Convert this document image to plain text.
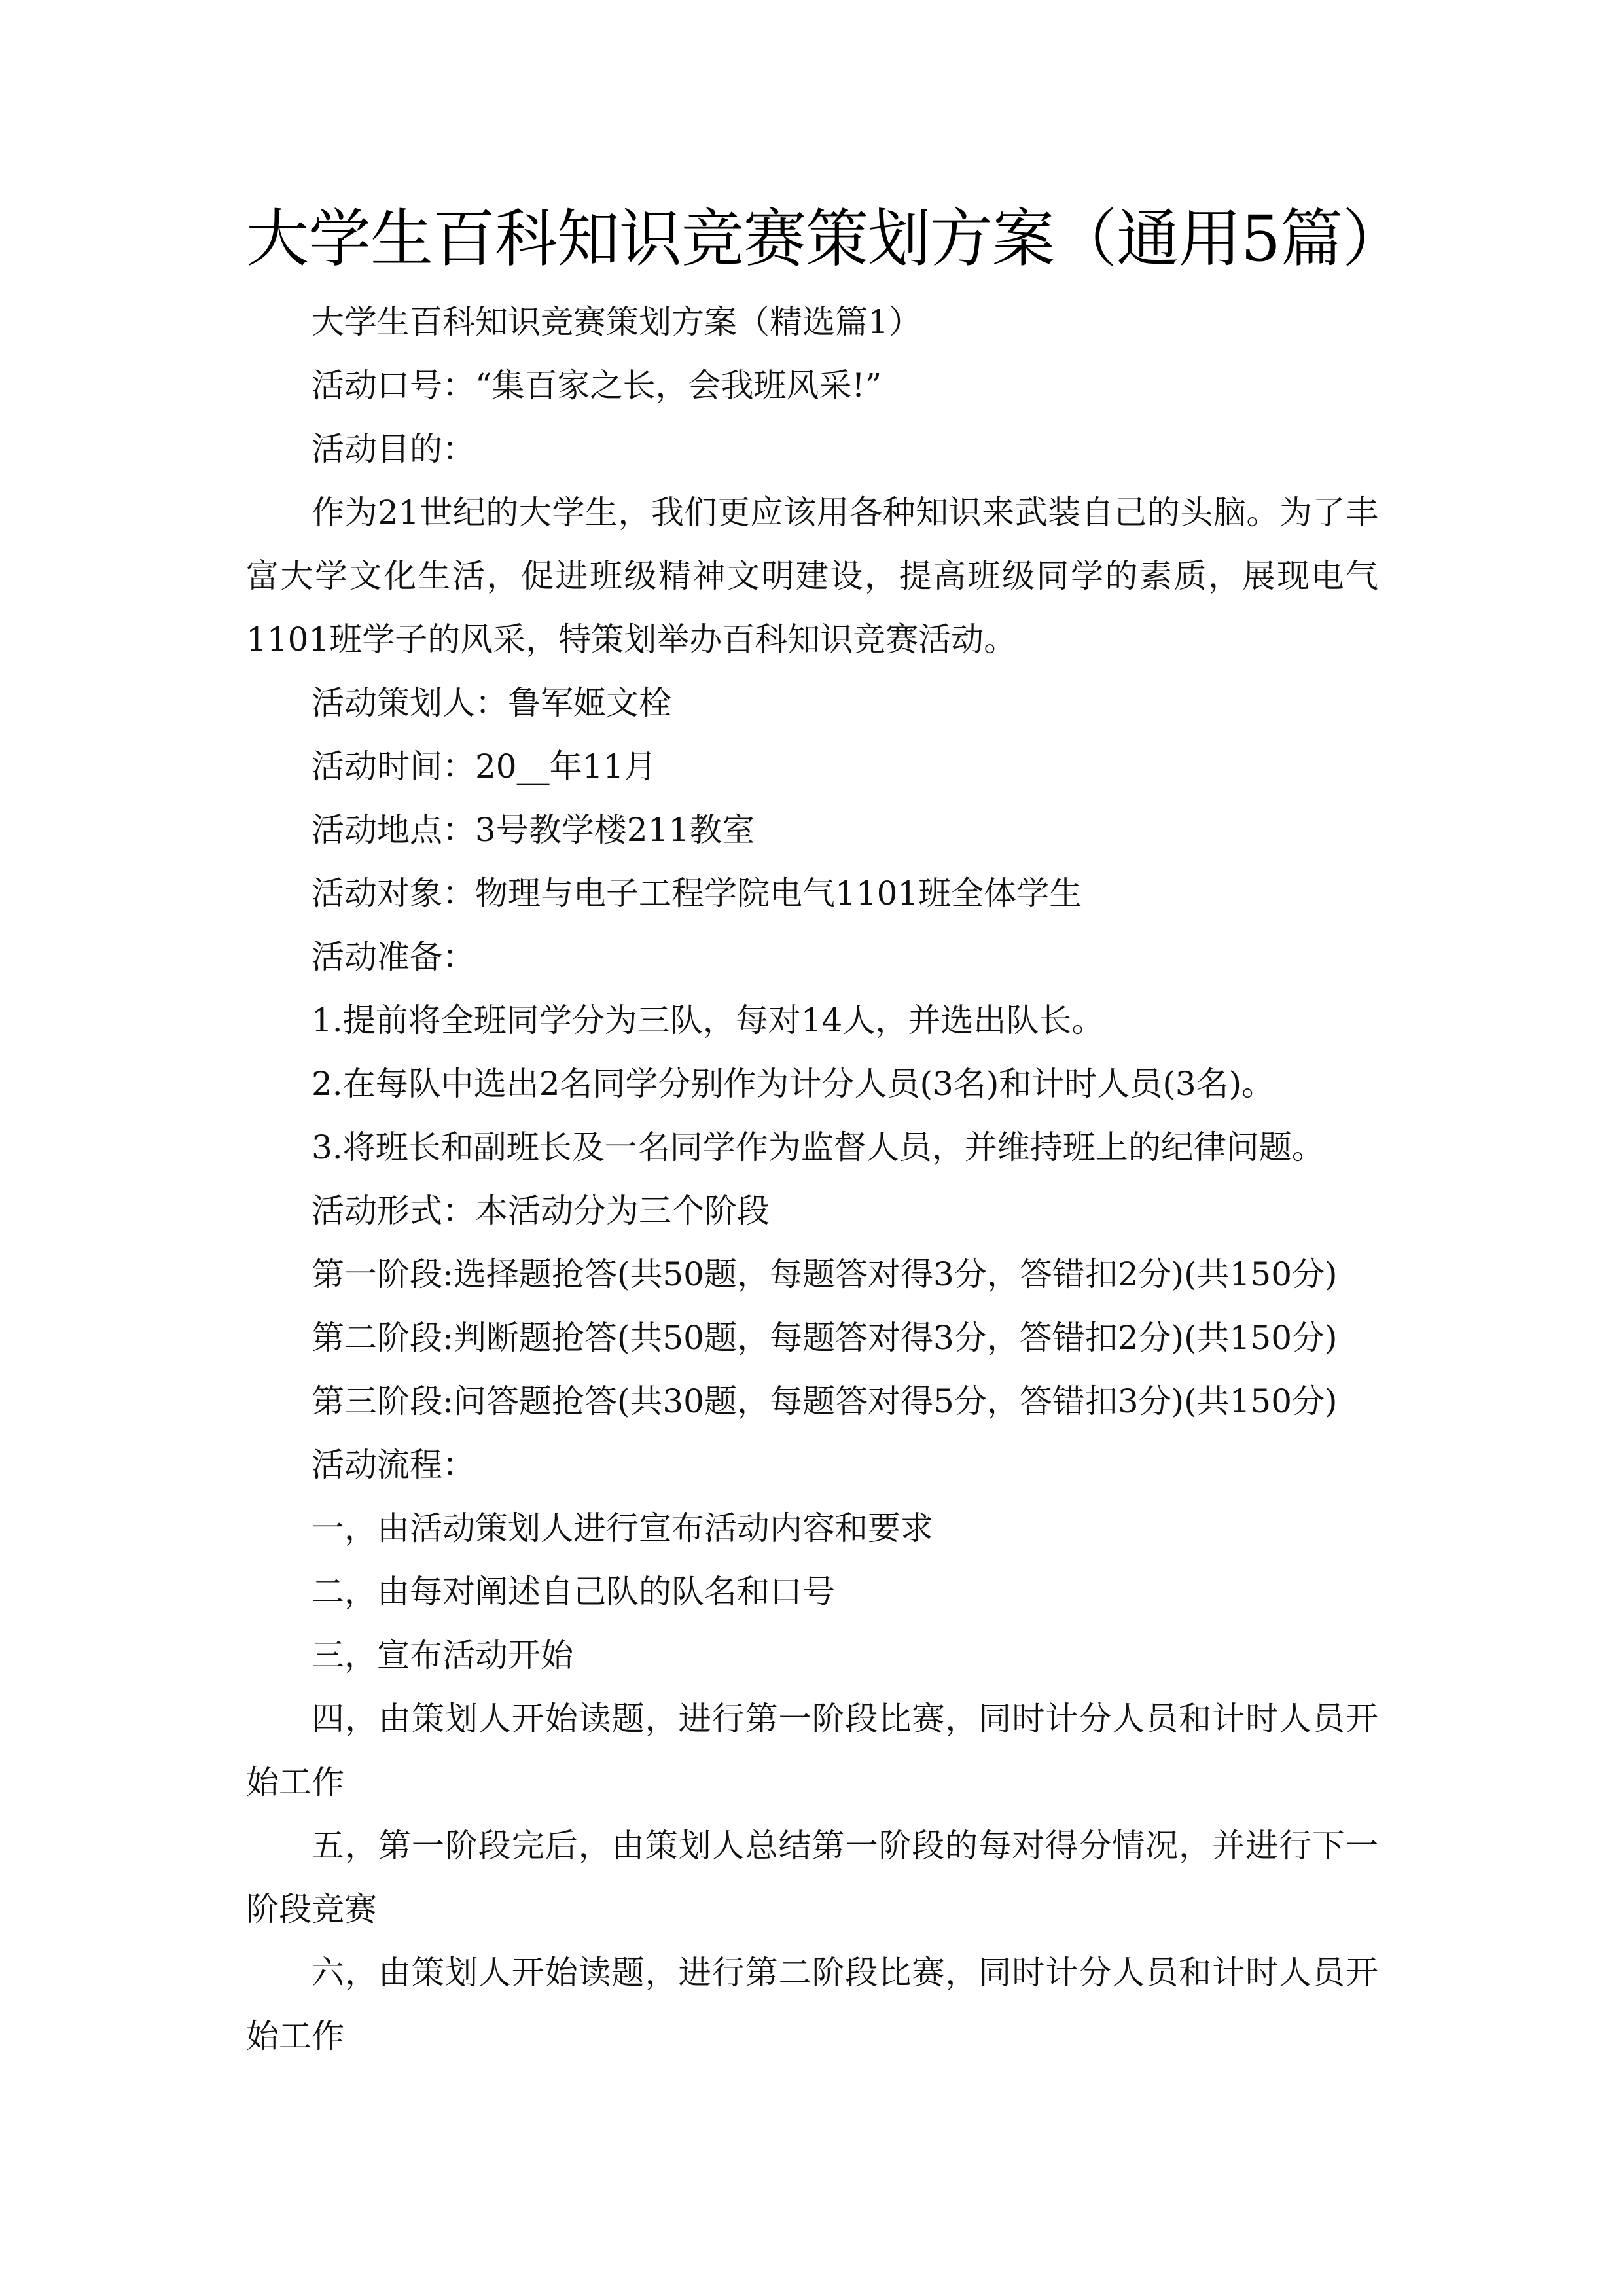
大学生百科知识竞赛策划方案（通用5篇）

大学生百科知识竞赛策划方案（精选篇1）

活动口号：“集百家之长，会我班风采!”

活动目的：

作为21世纪的大学生，我们更应该用各种知识来武装自己的头脑。为了丰富大学文化生活，促进班级精神文明建设，提高班级同学的素质，展现电气1101班学子的风采，特策划举办百科知识竞赛活动。

活动策划人：鲁军姬文栓

活动时间：20__年11月

活动地点：3号教学楼211教室

活动对象：物理与电子工程学院电气1101班全体学生

活动准备：

1.提前将全班同学分为三队，每对14人，并选出队长。

2.在每队中选出2名同学分别作为计分人员(3名)和计时人员(3名)。

3.将班长和副班长及一名同学作为监督人员，并维持班上的纪律问题。

活动形式：本活动分为三个阶段

第一阶段:选择题抢答(共50题，每题答对得3分，答错扣2分)(共150分)

第二阶段:判断题抢答(共50题，每题答对得3分，答错扣2分)(共150分)

第三阶段:问答题抢答(共30题，每题答对得5分，答错扣3分)(共150分)

活动流程：

一，由活动策划人进行宣布活动内容和要求

二，由每对阐述自己队的队名和口号

三，宣布活动开始

四，由策划人开始读题，进行第一阶段比赛，同时计分人员和计时人员开始工作

五，第一阶段完后，由策划人总结第一阶段的每对得分情况，并进行下一阶段竞赛

六，由策划人开始读题，进行第二阶段比赛，同时计分人员和计时人员开始工作
